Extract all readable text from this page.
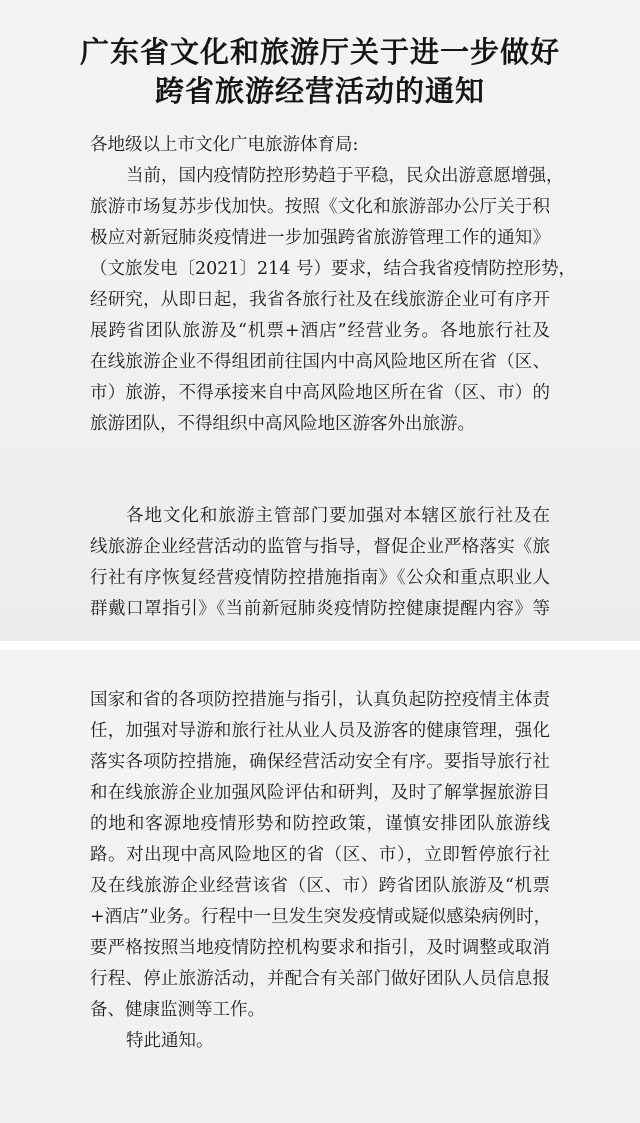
广东省文化和旅游厅关于进一步做好
跨省旅游经营活动的通知
各地级以上市文化广电旅游体育局:
当前，国内疫情防控形势趋于平稳，民众出游意愿增强，
旅游市场复苏步伐加快。按照《文化和旅游部办公厅关于积
极应对新冠肺炎疫情进一步加强跨省旅游管理工作的通知》
（文旅发电〔2021〕214 号）要求，结合我省疫情防控形势，
经研究，从即日起，我省各旅行社及在线旅游企业可有序开
展跨省团队旅游及“机票+酒店”经营业务。各地旅行社及
在线旅游企业不得组团前往国内中高风险地区所在省（区、
市）旅游，不得承接来自中高风险地区所在省（区、市）的
旅游团队，不得组织中高风险地区游客外出旅游。
各地文化和旅游主管部门要加强对本辖区旅行社及在
线旅游企业经营活动的监管与指导，督促企业严格落实《旅
行社有序恢复经营疫情防控措施指南》《公众和重点职业人
群戴口罩指引》《当前新冠肺炎疫情防控健康提醒内容》等
国家和省的各项防控措施与指引，认真负起防控疫情主体责
任，加强对导游和旅行社从业人员及游客的健康管理，强化
落实各项防控措施，确保经营活动安全有序。要指导旅行社
和在线旅游企业加强风险评估和研判，及时了解掌握旅游目
的地和客源地疫情形势和防控政策，谨慎安排团队旅游线
路。对出现中高风险地区的省（区、市），立即暂停旅行社
及在线旅游企业经营该省（区、市）跨省团队旅游及“机票
+酒店”业务。行程中一旦发生突发疫情或疑似感染病例时，
要严格按照当地疫情防控机构要求和指引，及时调整或取消
行程、停止旅游活动，并配合有关部门做好团队人员信息报
备、健康监测等工作。
特此通知。
